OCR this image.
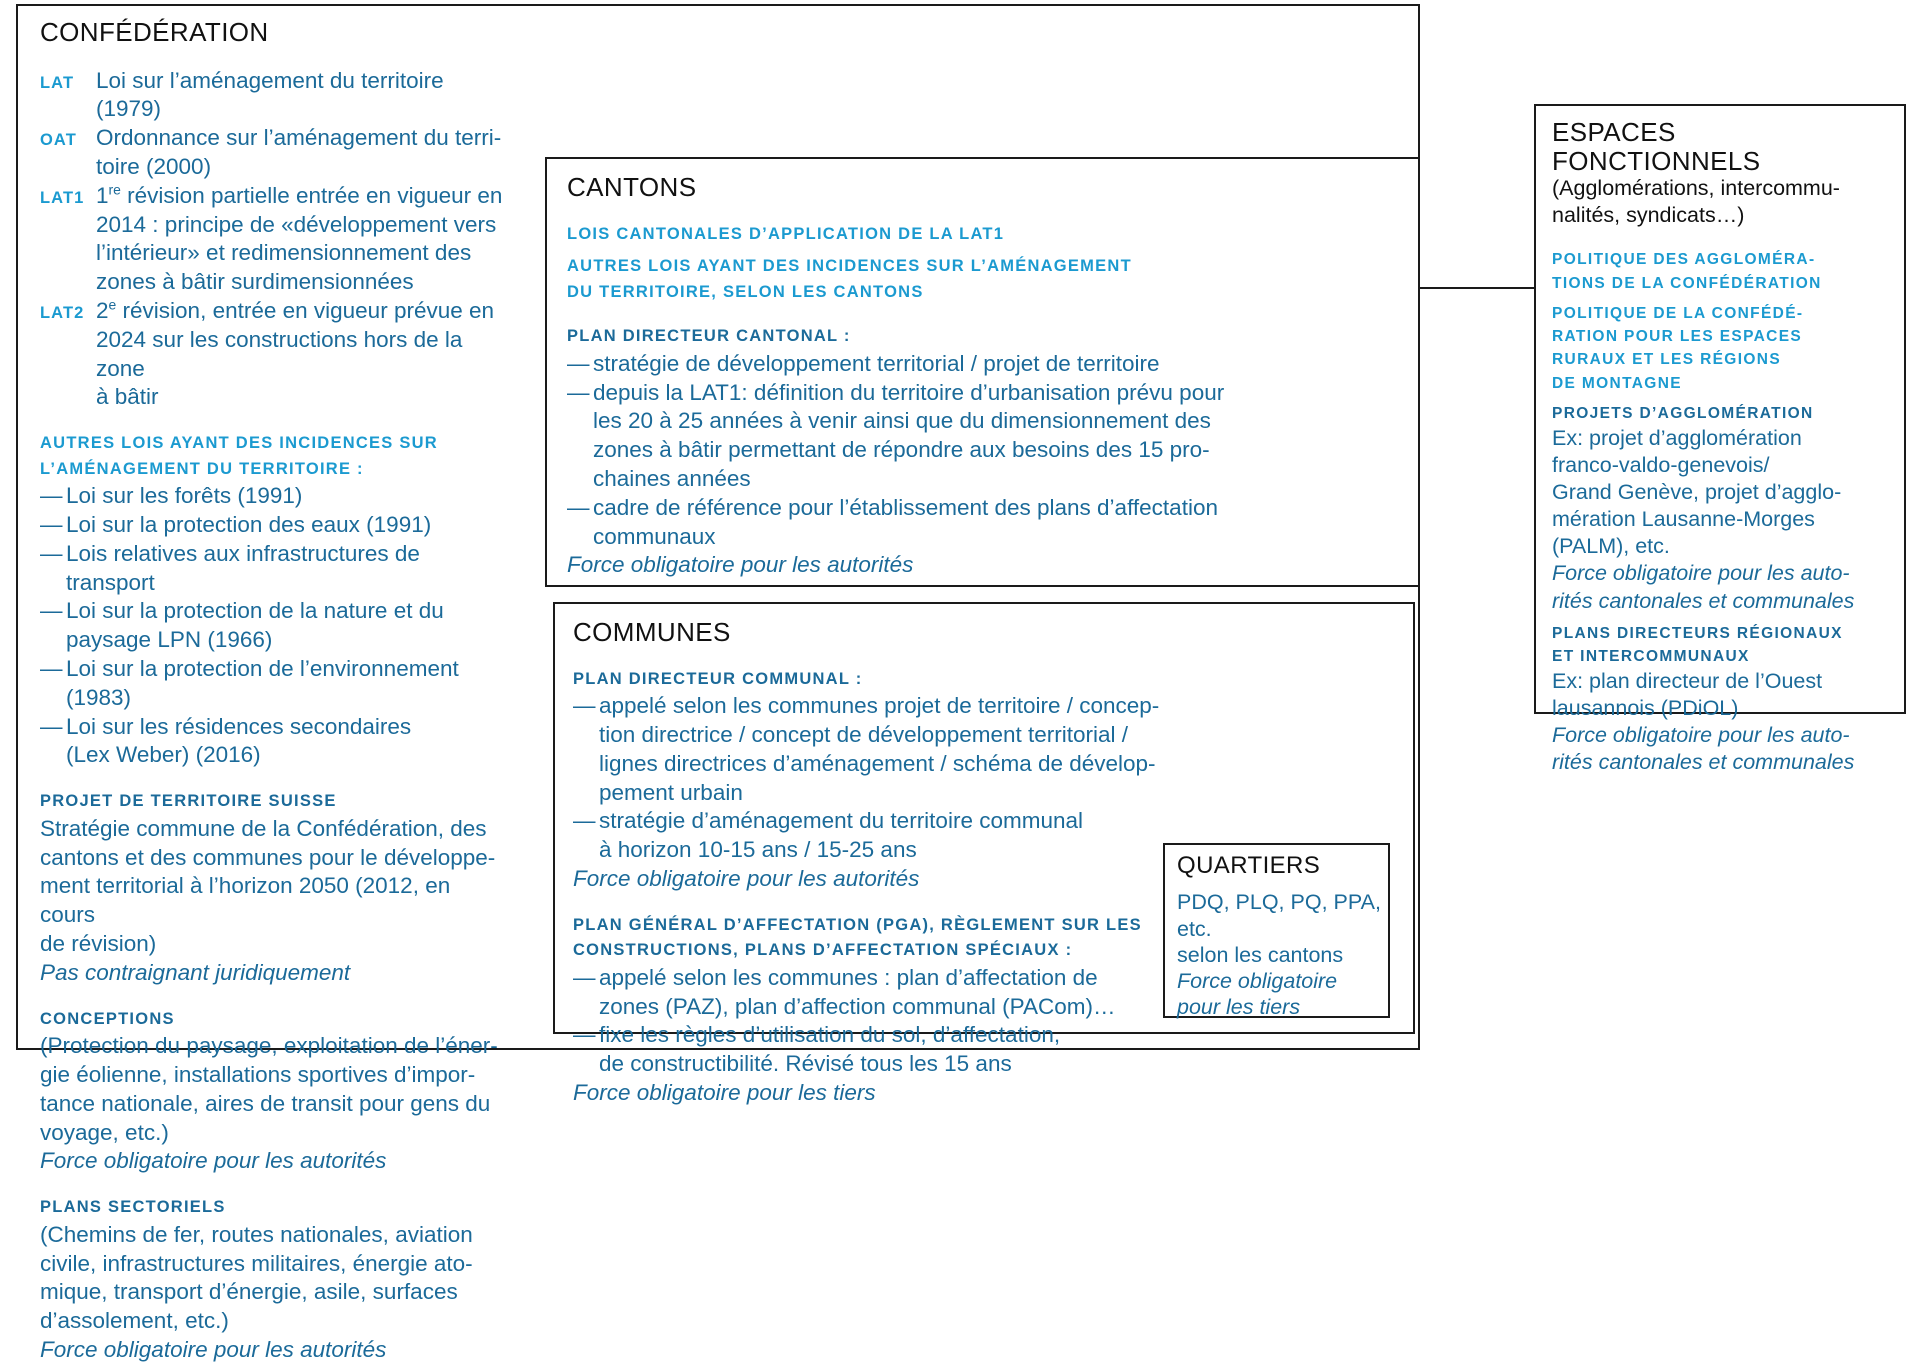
CONFÉDÉRATION
LAT Loi sur l’aménagement du territoire (1979)
OAT Ordonnance sur l’aménagement du terri-
toire (2000)
LAT1 1re révision partielle entrée en vigueur en
2014 : principe de «développement vers
l’intérieur» et redimensionnement des
zones à bâtir surdimensionnées
LAT2 2e révision, entrée en vigueur prévue en
2024 sur les constructions hors de la zone
à bâtir
AUTRES LOIS AYANT DES INCIDENCES SUR
L’AMÉNAGEMENT DU TERRITOIRE :
— Loi sur les forêts (1991)
— Loi sur la protection des eaux (1991)
— Lois relatives aux infrastructures de transport
— Loi sur la protection de la nature et du
paysage LPN (1966)
— Loi sur la protection de l’environnement (1983)
— Loi sur les résidences secondaires
(Lex Weber) (2016)
PROJET DE TERRITOIRE SUISSE
Stratégie commune de la Confédération, des
cantons et des communes pour le développe-
ment territorial à l’horizon 2050 (2012, en cours
de révision)
Pas contraignant juridiquement
CONCEPTIONS
(Protection du paysage, exploitation de l’éner-
gie éolienne, installations sportives d’impor-
tance nationale, aires de transit pour gens du
voyage, etc.)
Force obligatoire pour les autorités
PLANS SECTORIELS
(Chemins de fer, routes nationales, aviation
civile, infrastructures militaires, énergie ato-
mique, transport d’énergie, asile, surfaces
d’assolement, etc.)
Force obligatoire pour les autorités
CANTONS
LOIS CANTONALES D’APPLICATION DE LA LAT1
AUTRES LOIS AYANT DES INCIDENCES SUR L’AMÉNAGEMENT
DU TERRITOIRE, SELON LES CANTONS
PLAN DIRECTEUR CANTONAL :
— stratégie de développement territorial / projet de territoire
— depuis la LAT1: définition du territoire d’urbanisation prévu pour
les 20 à 25 années à venir ainsi que du dimensionnement des
zones à bâtir permettant de répondre aux besoins des 15 pro-
chaines années
— cadre de référence pour l’établissement des plans d’affectation
communaux
Force obligatoire pour les autorités
COMMUNES
PLAN DIRECTEUR COMMUNAL :
— appelé selon les communes projet de territoire / concep-
tion directrice / concept de développement territorial /
lignes directrices d’aménagement / schéma de dévelop-
pement urbain
— stratégie d’aménagement du territoire communal
à horizon 10-15 ans / 15-25 ans
Force obligatoire pour les autorités
PLAN GÉNÉRAL D’AFFECTATION (PGA), RÈGLEMENT SUR LES
CONSTRUCTIONS, PLANS D’AFFECTATION SPÉCIAUX :
— appelé selon les communes : plan d’affectation de
zones (PAZ), plan d’affection communal (PACom)…
— fixe les règles d’utilisation du sol, d’affectation,
de constructibilité. Révisé tous les 15 ans
Force obligatoire pour les tiers
ESPACES FONCTIONNELS
(Agglomérations, intercommu-
nalités, syndicats…)
POLITIQUE DES AGGLOMÉRA-
TIONS DE LA CONFÉDÉRATION
POLITIQUE DE LA CONFÉDÉ-
RATION POUR LES ESPACES
RURAUX ET LES RÉGIONS
DE MONTAGNE
PROJETS D’AGGLOMÉRATION
Ex: projet d’agglomération
franco-valdo-genevois/
Grand Genève, projet d’agglo-
mération Lausanne-Morges
(PALM), etc.
Force obligatoire pour les auto-
rités cantonales et communales
PLANS DIRECTEURS RÉGIONAUX
ET INTERCOMMUNAUX
Ex: plan directeur de l’Ouest
lausannois (PDiOL)
Force obligatoire pour les auto-
rités cantonales et communales
QUARTIERS
PDQ, PLQ, PQ, PPA,
etc.
selon les cantons
Force obligatoire
pour les tiers
